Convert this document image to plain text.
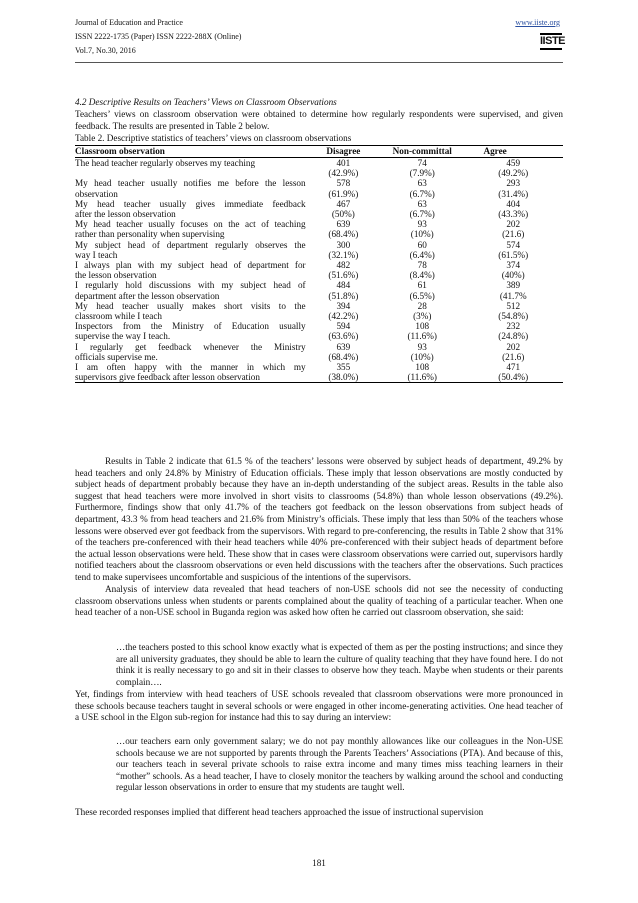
Journal of Education and Practice
ISSN 2222-1735 (Paper) ISSN 2222-288X (Online)
Vol.7, No.30, 2016
www.iiste.org
IISTE
4.2 Descriptive Results on Teachers’ Views on Classroom Observations
Teachers’ views on classroom observation were obtained to determine how regularly respondents were supervised, and given feedback. The results are presented in Table 2 below.
Table 2. Descriptive statistics of teachers’ views on classroom observations
Classroom observation	Disagree	Non-committal	Agree
The head teacher regularly observes my teaching	401	74	459
	(42.9%)	(7.9%)	(49.2%)
My head teacher usually notifies me before the lesson	578	63	293
observation	(61.9%)	(6.7%)	(31.4%)
My head teacher usually gives immediate feedback	467	63	404
after the lesson observation	(50%)	(6.7%)	(43.3%)
My head teacher usually focuses on the act of teaching	639	93	202
rather than personality when supervising	(68.4%)	(10%)	(21.6)
My subject head of department regularly observes the	300	60	574
way I teach	(32.1%)	(6.4%)	(61.5%)
I always plan with my subject head of department for	482	78	374
the lesson observation	(51.6%)	(8.4%)	(40%)
I regularly hold discussions with my subject head of	484	61	389
department after the lesson observation	(51.8%)	(6.5%)	(41.7%
My head teacher usually makes short visits to the	394	28	512
classroom while I teach	(42.2%)	(3%)	(54.8%)
Inspectors from the Ministry of Education usually	594	108	232
supervise the way I teach.	(63.6%)	(11.6%)	(24.8%)
I regularly get feedback whenever the Ministry	639	93	202
officials supervise me.	(68.4%)	(10%)	(21.6)
I am often happy with the manner in which my	355	108	471
supervisors give feedback after lesson observation	(38.0%)	(11.6%)	(50.4%)
Results in Table 2 indicate that 61.5 % of the teachers’ lessons were observed by subject heads of department, 49.2% by head teachers and only 24.8% by Ministry of Education officials. These imply that lesson observations are mostly conducted by subject heads of department probably because they have an in-depth understanding of the subject areas. Results in the table also suggest that head teachers were more involved in short visits to classrooms (54.8%) than whole lesson observations (49.2%). Furthermore, findings show that only 41.7% of the teachers got feedback on the lesson observations from subject heads of department, 43.3 % from head teachers and 21.6% from Ministry’s officials. These imply that less than 50% of the teachers whose lessons were observed ever got feedback from the supervisors. With regard to pre-conferencing, the results in Table 2 show that 31% of the teachers pre-conferenced with their head teachers while 40% pre-conferenced with their subject heads of department before the actual lesson observations were held. These show that in cases were classroom observations were carried out, supervisors hardly notified teachers about the classroom observations or even held discussions with the teachers after the observations. Such practices tend to make supervisees uncomfortable and suspicious of the intentions of the supervisors.
Analysis of interview data revealed that head teachers of non-USE schools did not see the necessity of conducting classroom observations unless when students or parents complained about the quality of teaching of a particular teacher. When one head teacher of a non-USE school in Buganda region was asked how often he carried out classroom observation, she said:
…the teachers posted to this school know exactly what is expected of them as per the posting instructions; and since they are all university graduates, they should be able to learn the culture of quality teaching that they have found here. I do not think it is really necessary to go and sit in their classes to observe how they teach. Maybe when students or their parents complain….
Yet, findings from interview with head teachers of USE schools revealed that classroom observations were more pronounced in these schools because teachers taught in several schools or were engaged in other income-generating activities. One head teacher of a USE school in the Elgon sub-region for instance had this to say during an interview:
…our teachers earn only government salary; we do not pay monthly allowances like our colleagues in the Non-USE schools because we are not supported by parents through the Parents Teachers’ Associations (PTA). And because of this, our teachers teach in several private schools to raise extra income and many times miss teaching learners in their “mother” schools. As a head teacher, I have to closely monitor the teachers by walking around the school and conducting regular lesson observations in order to ensure that my students are taught well.
These recorded responses implied that different head teachers approached the issue of instructional supervision
181
